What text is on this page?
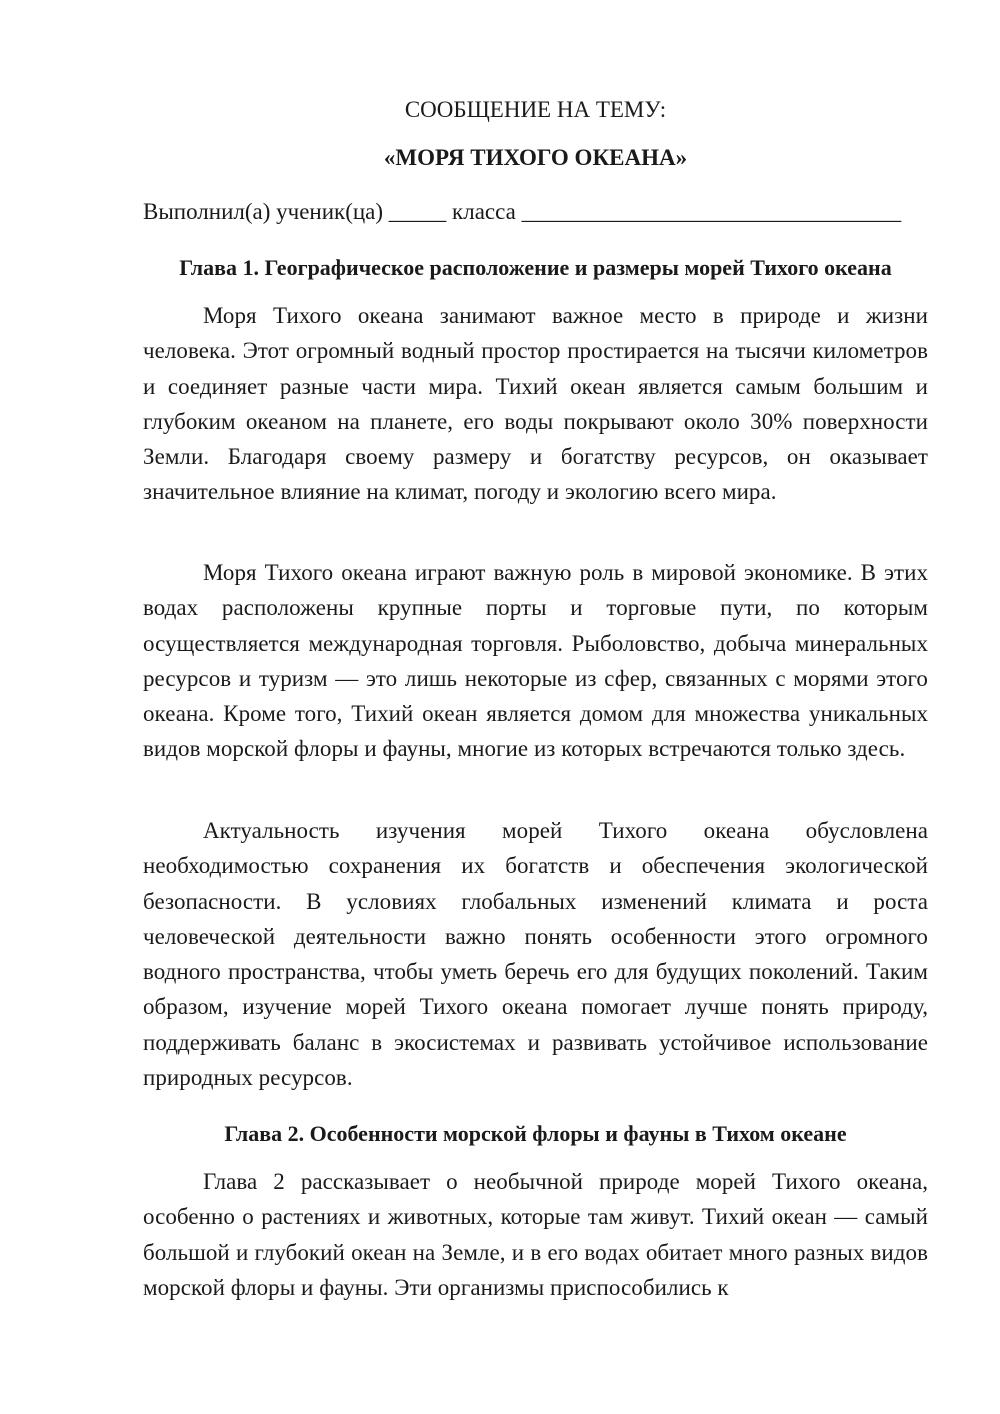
СООБЩЕНИЕ НА ТЕМУ:
«МОРЯ ТИХОГО ОКЕАНА»
Выполнил(а) ученик(ца) _____ класса _________________________________
Глава 1. Географическое расположение и размеры морей Тихого океана

Моря Тихого океана занимают важное место в природе и жизни человека. Этот огромный водный простор простирается на тысячи километров и соединяет разные части мира. Тихий океан является самым большим и глубоким океаном на планете, его воды покрывают около 30% поверхности Земли. Благодаря своему размеру и богатству ресурсов, он оказывает значительное влияние на климат, погоду и экологию всего мира.

Моря Тихого океана играют важную роль в мировой экономике. В этих водах расположены крупные порты и торговые пути, по которым осуществляется международная торговля. Рыболовство, добыча минеральных ресурсов и туризм — это лишь некоторые из сфер, связанных с морями этого океана. Кроме того, Тихий океан является домом для множества уникальных видов морской флоры и фауны, многие из которых встречаются только здесь.

Актуальность изучения морей Тихого океана обусловлена необходимостью сохранения их богатств и обеспечения экологической безопасности. В условиях глобальных изменений климата и роста человеческой деятельности важно понять особенности этого огромного водного пространства, чтобы уметь беречь его для будущих поколений. Таким образом, изучение морей Тихого океана помогает лучше понять природу, поддерживать баланс в экосистемах и развивать устойчивое использование природных ресурсов.

Глава 2. Особенности морской флоры и фауны в Тихом океане

Глава 2 рассказывает о необычной природе морей Тихого океана, особенно о растениях и животных, которые там живут. Тихий океан — самый большой и глубокий океан на Земле, и в его водах обитает много разных видов морской флоры и фауны. Эти организмы приспособились к
